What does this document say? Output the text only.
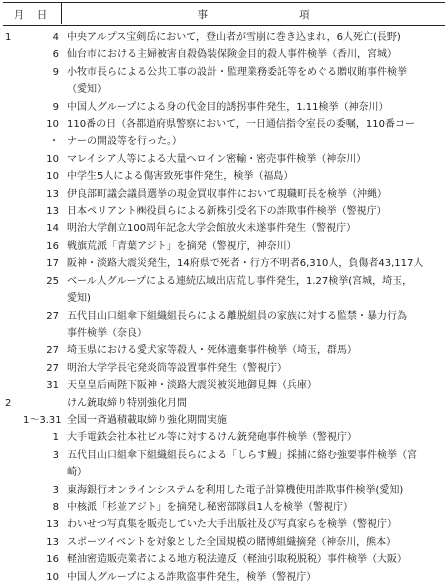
月　日	事	項
1	4 中央アルプス宝剣岳において，登山者が雪崩に巻き込まれ，6人死亡(長野)
6 仙台市における主婦被害自殺偽装保険金目的殺人事件検挙（香川，宮城）
9 小牧市長らによる公共工事の設計・監理業務委託等をめぐる贈収賄事件検挙
（愛知）
9 中国人グループによる身の代金目的誘拐事件発生，1.11検挙（神奈川）
10 110番の日（各都道府県警察において，一日通信指令室長の委嘱，110番コー
・ ナーの開設等を行った。）
10 マレイシア人等による大量ヘロイン密輸・密売事件検挙（神奈川）
10 中学生5人による傷害致死事件発生，検挙（福島）
13 伊良部町議会議員選挙の現金買収事件において現職町長を検挙（沖縄）
13 日本ペリアント㈱役員らによる新株引受名下の詐欺事件検挙（警視庁）
14 明治大学創立100周年記念大学会館放火未遂事件発生（警視庁）
16 戦旗荒派「青葉アジト」を摘発（警視庁，神奈川）
17 阪神・淡路大震災発生，14府県で死者・行方不明者6,310人，負傷者43,117人
25 ベール人グループによる連続広域出店荒し事件発生，1.27検挙(宮城，埼玉，
愛知)
27 五代目山口組傘下組織組長らによる離脱組員の家族に対する監禁・暴力行為
事件検挙（奈良）
27 埼玉県における愛犬家等殺人・死体遺棄事件検挙（埼玉，群馬）
27 明治大学学長宅発炎筒等設置事件発生（警視庁）
31 天皇皇后両陛下阪神・淡路大震災被災地御見舞（兵庫）
2	けん銃取締り特別強化月間
1～3.31 全国一斉過積載取締り強化期間実施
1 大手電鉄会社本社ビル等に対するけん銃発砲事件検挙（警視庁）
3 五代目山口組傘下組織組長らによる「しらす鰻」採捕に絡む強要事件検挙（宮
崎）
3 東海銀行オンラインシステムを利用した電子計算機使用詐欺事件検挙(愛知)
8 中核派「杉並アジト」を摘発し秘密部隊員1人を検挙（警視庁）
13 わいせつ写真集を販売していた大手出版社及び写真家らを検挙（警視庁）
13 スポーツイベントを対象とした全国規模の賭博組織摘発（神奈川，熊本）
16 軽油密造販売業者による地方税法違反（軽油引取税脱税）事件検挙（大阪）
10 中国人グループによる詐欺盗事件発生，検挙（警視庁）
